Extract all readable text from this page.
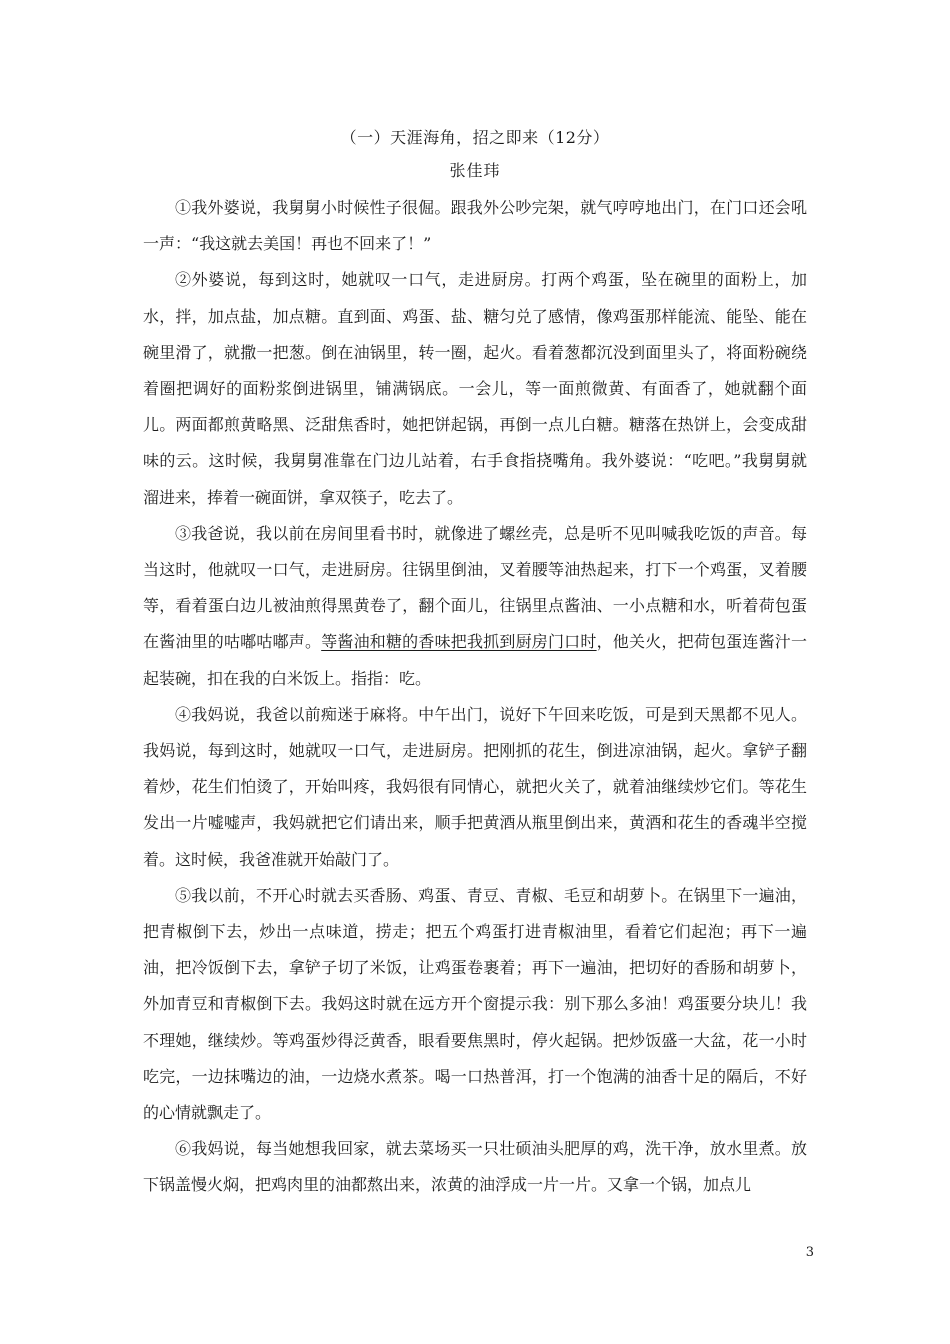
（一）天涯海角，招之即来（12分）
张佳玮

①我外婆说，我舅舅小时候性子很倔。跟我外公吵完架，就气哼哼地出门，在门口还会吼一声：“我这就去美国！再也不回来了！”

②外婆说，每到这时，她就叹一口气，走进厨房。打两个鸡蛋，坠在碗里的面粉上，加水，拌，加点盐，加点糖。直到面、鸡蛋、盐、糖匀兑了感情，像鸡蛋那样能流、能坠、能在碗里滑了，就撒一把葱。倒在油锅里，转一圈，起火。看着葱都沉没到面里头了，将面粉碗绕着圈把调好的面粉浆倒进锅里，铺满锅底。一会儿，等一面煎微黄、有面香了，她就翻个面儿。两面都煎黄略黑、泛甜焦香时，她把饼起锅，再倒一点儿白糖。糖落在热饼上，会变成甜味的云。这时候，我舅舅准靠在门边儿站着，右手食指挠嘴角。我外婆说：“吃吧。”我舅舅就溜进来，捧着一碗面饼，拿双筷子，吃去了。

③我爸说，我以前在房间里看书时，就像进了螺丝壳，总是听不见叫喊我吃饭的声音。每当这时，他就叹一口气，走进厨房。往锅里倒油，叉着腰等油热起来，打下一个鸡蛋，叉着腰等，看着蛋白边儿被油煎得黑黄卷了，翻个面儿，往锅里点酱油、一小点糖和水，听着荷包蛋在酱油里的咕嘟咕嘟声。等酱油和糖的香味把我抓到厨房门口时，他关火，把荷包蛋连酱汁一起装碗，扣在我的白米饭上。指指：吃。

④我妈说，我爸以前痴迷于麻将。中午出门，说好下午回来吃饭，可是到天黑都不见人。我妈说，每到这时，她就叹一口气，走进厨房。把刚抓的花生，倒进凉油锅，起火。拿铲子翻着炒，花生们怕烫了，开始叫疼，我妈很有同情心，就把火关了，就着油继续炒它们。等花生发出一片嘘嘘声，我妈就把它们请出来，顺手把黄酒从瓶里倒出来，黄酒和花生的香魂半空搅着。这时候，我爸准就开始敲门了。

⑤我以前，不开心时就去买香肠、鸡蛋、青豆、青椒、毛豆和胡萝卜。在锅里下一遍油，把青椒倒下去，炒出一点味道，捞走；把五个鸡蛋打进青椒油里，看着它们起泡；再下一遍油，把冷饭倒下去，拿铲子切了米饭，让鸡蛋卷裹着；再下一遍油，把切好的香肠和胡萝卜，外加青豆和青椒倒下去。我妈这时就在远方开个窗提示我：别下那么多油！鸡蛋要分块儿！我不理她，继续炒。等鸡蛋炒得泛黄香，眼看要焦黑时，停火起锅。把炒饭盛一大盆，花一小时吃完，一边抹嘴边的油，一边烧水煮茶。喝一口热普洱，打一个饱满的油香十足的隔后，不好的心情就飘走了。

⑥我妈说，每当她想我回家，就去菜场买一只壮硕油头肥厚的鸡，洗干净，放水里煮。放下锅盖慢火焖，把鸡肉里的油都熬出来，浓黄的油浮成一片一片。又拿一个锅，加点儿

3
